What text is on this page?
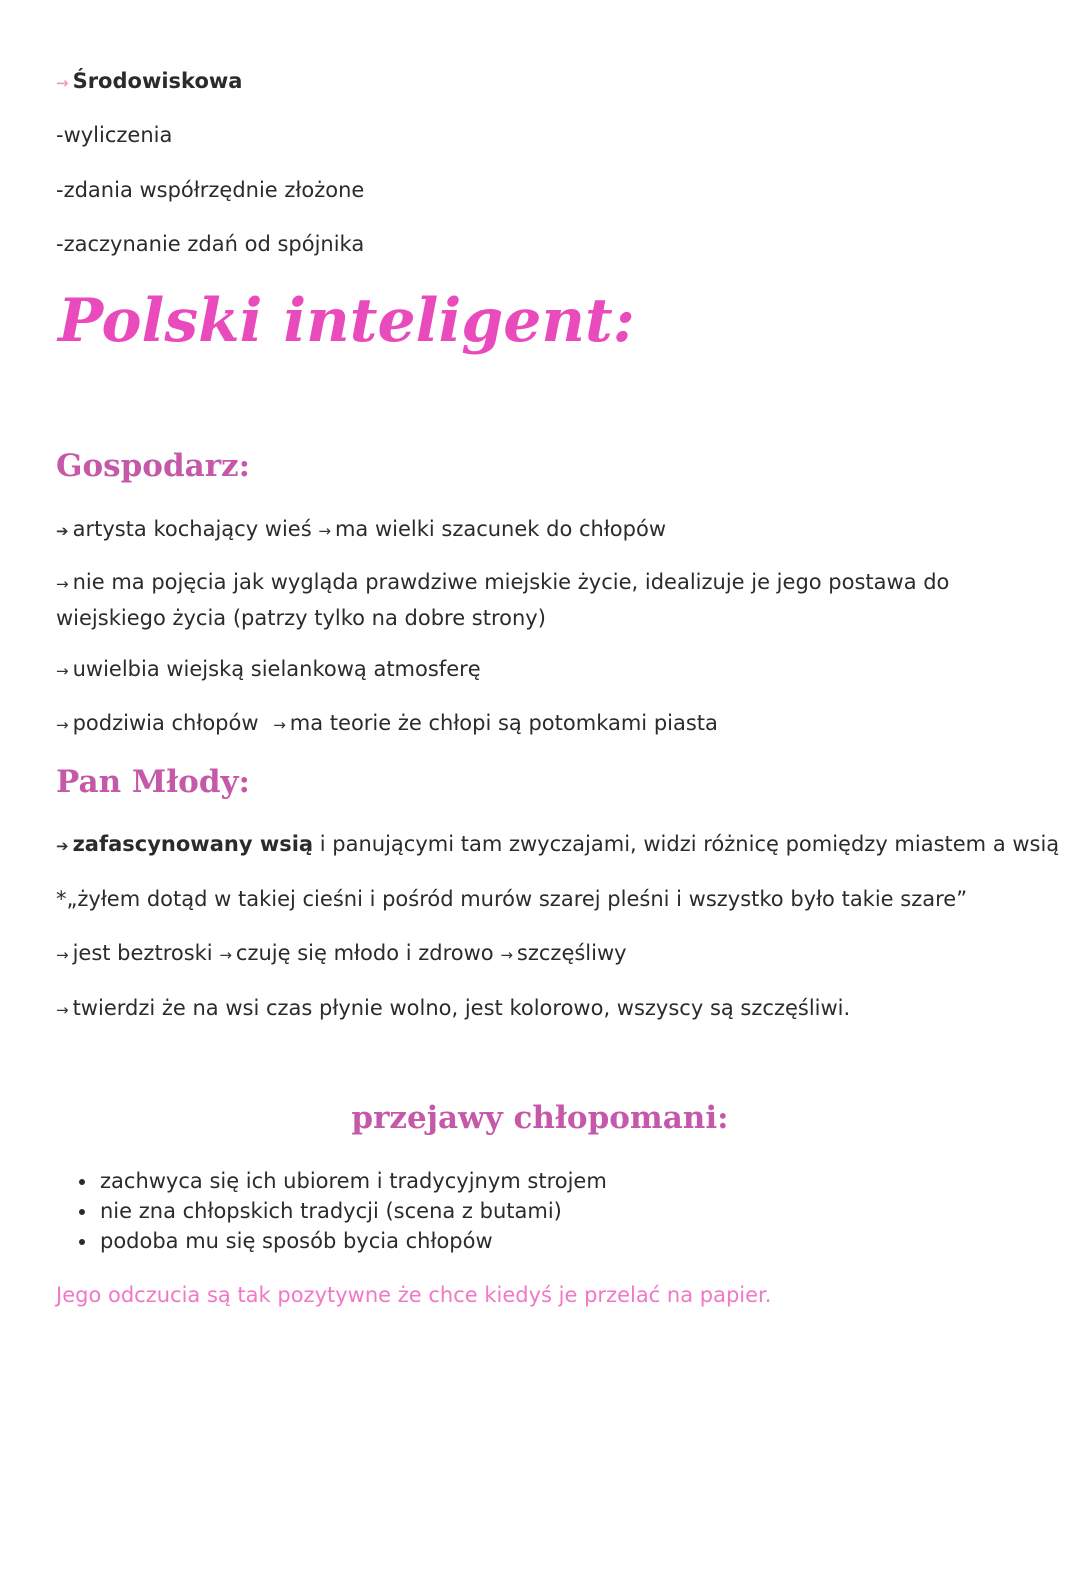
→ Środowiskowa
-wyliczenia
-zdania współrzędnie złożone
-zaczynanie zdań od spójnika
Polski inteligent:
Gospodarz:
➔ artysta kochający wieś → ma wielki szacunek do chłopów
→ nie ma pojęcia jak wygląda prawdziwe miejskie życie, idealizuje je jego postawa do wiejskiego życia (patrzy tylko na dobre strony)
→ uwielbia wiejską sielankową atmosferę
→ podziwia chłopów → ma teorie że chłopi są potomkami piasta
Pan Młody:
➔ zafascynowany wsią i panującymi tam zwyczajami, widzi różnicę pomiędzy miastem a wsią
*„żyłem dotąd w takiej cieśni i pośród murów szarej pleśni i wszystko było takie szare”
→ jest beztroski → czuję się młodo i zdrowo → szczęśliwy
→ twierdzi że na wsi czas płynie wolno, jest kolorowo, wszyscy są szczęśliwi.
przejawy chłopomani:
• zachwyca się ich ubiorem i tradycyjnym strojem
• nie zna chłopskich tradycji (scena z butami)
• podoba mu się sposób bycia chłopów
Jego odczucia są tak pozytywne że chce kiedyś je przelać na papier.
